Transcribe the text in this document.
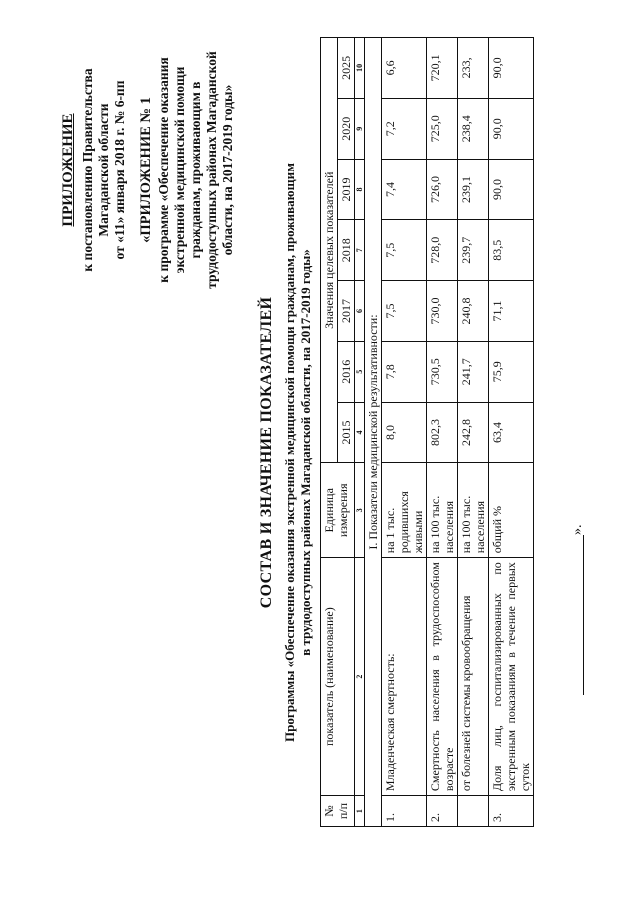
ПРИЛОЖЕНИЕ к постановлению Правительства Магаданской области от «11» января 2018 г. № 6-пп «ПРИЛОЖЕНИЕ № 1 к программе «Обеспечение оказания экстренной медицинской помощи гражданам, проживающим в трудодоступных районах Магаданской области, на 2017-2019 годы»
СОСТАВ И ЗНАЧЕНИЕ ПОКАЗАТЕЛЕЙ Программы «Обеспечение оказания экстренной медицинской помощи гражданам, проживающим в трудодоступных районах Магаданской области, на 2017-2019 годы»
№ п/п	показатель (наименование)	Единица измерения	Значения целевых показателей						
			2015	2016	2017	2018	2019	2020	2025
1	2	3	4	5	6	7	8	9	10
I. Показатели медицинской результативности:									
1.	Младенческая смертность:	на 1 тыс. родившихся живыми	8,0	7,8	7,5	7,5	7,4	7,2	6,6
2.	Смертность населения в трудоспособном возрасте	на 100 тыс. населения	802,3	730,5	730,0	728,0	726,0	725,0	720,1
	от болезней системы кровообращения	на 100 тыс. населения	242,8	241,7	240,8	239,7	239,1	238,4	233,
3.	Доля лиц, госпитализированных по экстренным показаниям в течение первых суток	общий %	63,4	75,9	71,1	83,5	90,0	90,0	90,0
».
